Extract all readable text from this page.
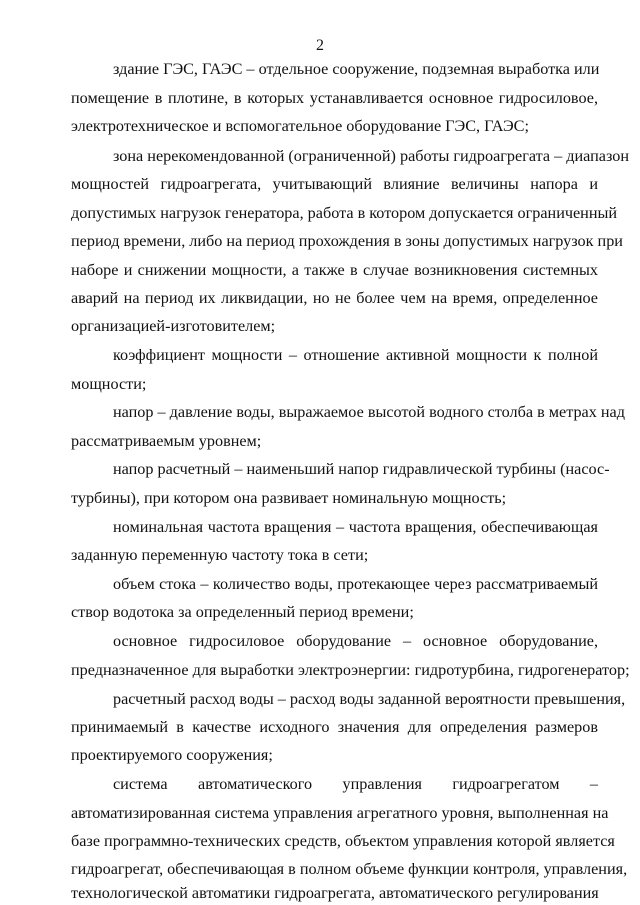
2
здание ГЭС, ГАЭС – отдельное сооружение, подземная выработка или
помещение в плотине, в которых устанавливается основное гидросиловое,
электротехническое и вспомогательное оборудование ГЭС, ГАЭС;
зона нерекомендованной (ограниченной) работы гидроагрегата – диапазон
мощностей гидроагрегата, учитывающий влияние величины напора и
допустимых нагрузок генератора, работа в котором допускается ограниченный
период времени, либо на период прохождения в зоны допустимых нагрузок при
наборе и снижении мощности, а также в случае возникновения системных
аварий на период их ликвидации, но не более чем на время, определенное
организацией-изготовителем;
коэффициент мощности – отношение активной мощности к полной
мощности;
напор – давление воды, выражаемое высотой водного столба в метрах над
рассматриваемым уровнем;
напор расчетный – наименьший напор гидравлической турбины (насос-
турбины), при котором она развивает номинальную мощность;
номинальная частота вращения – частота вращения, обеспечивающая
заданную переменную частоту тока в сети;
объем стока – количество воды, протекающее через рассматриваемый
створ водотока за определенный период времени;
основное гидросиловое оборудование – основное оборудование,
предназначенное для выработки электроэнергии: гидротурбина, гидрогенератор;
расчетный расход воды – расход воды заданной вероятности превышения,
принимаемый в качестве исходного значения для определения размеров
проектируемого сооружения;
система автоматического управления гидроагрегатом –
автоматизированная система управления агрегатного уровня, выполненная на
базе программно-технических средств, объектом управления которой является
гидроагрегат, обеспечивающая в полном объеме функции контроля, управления,
технологической автоматики гидроагрегата, автоматического регулирования
